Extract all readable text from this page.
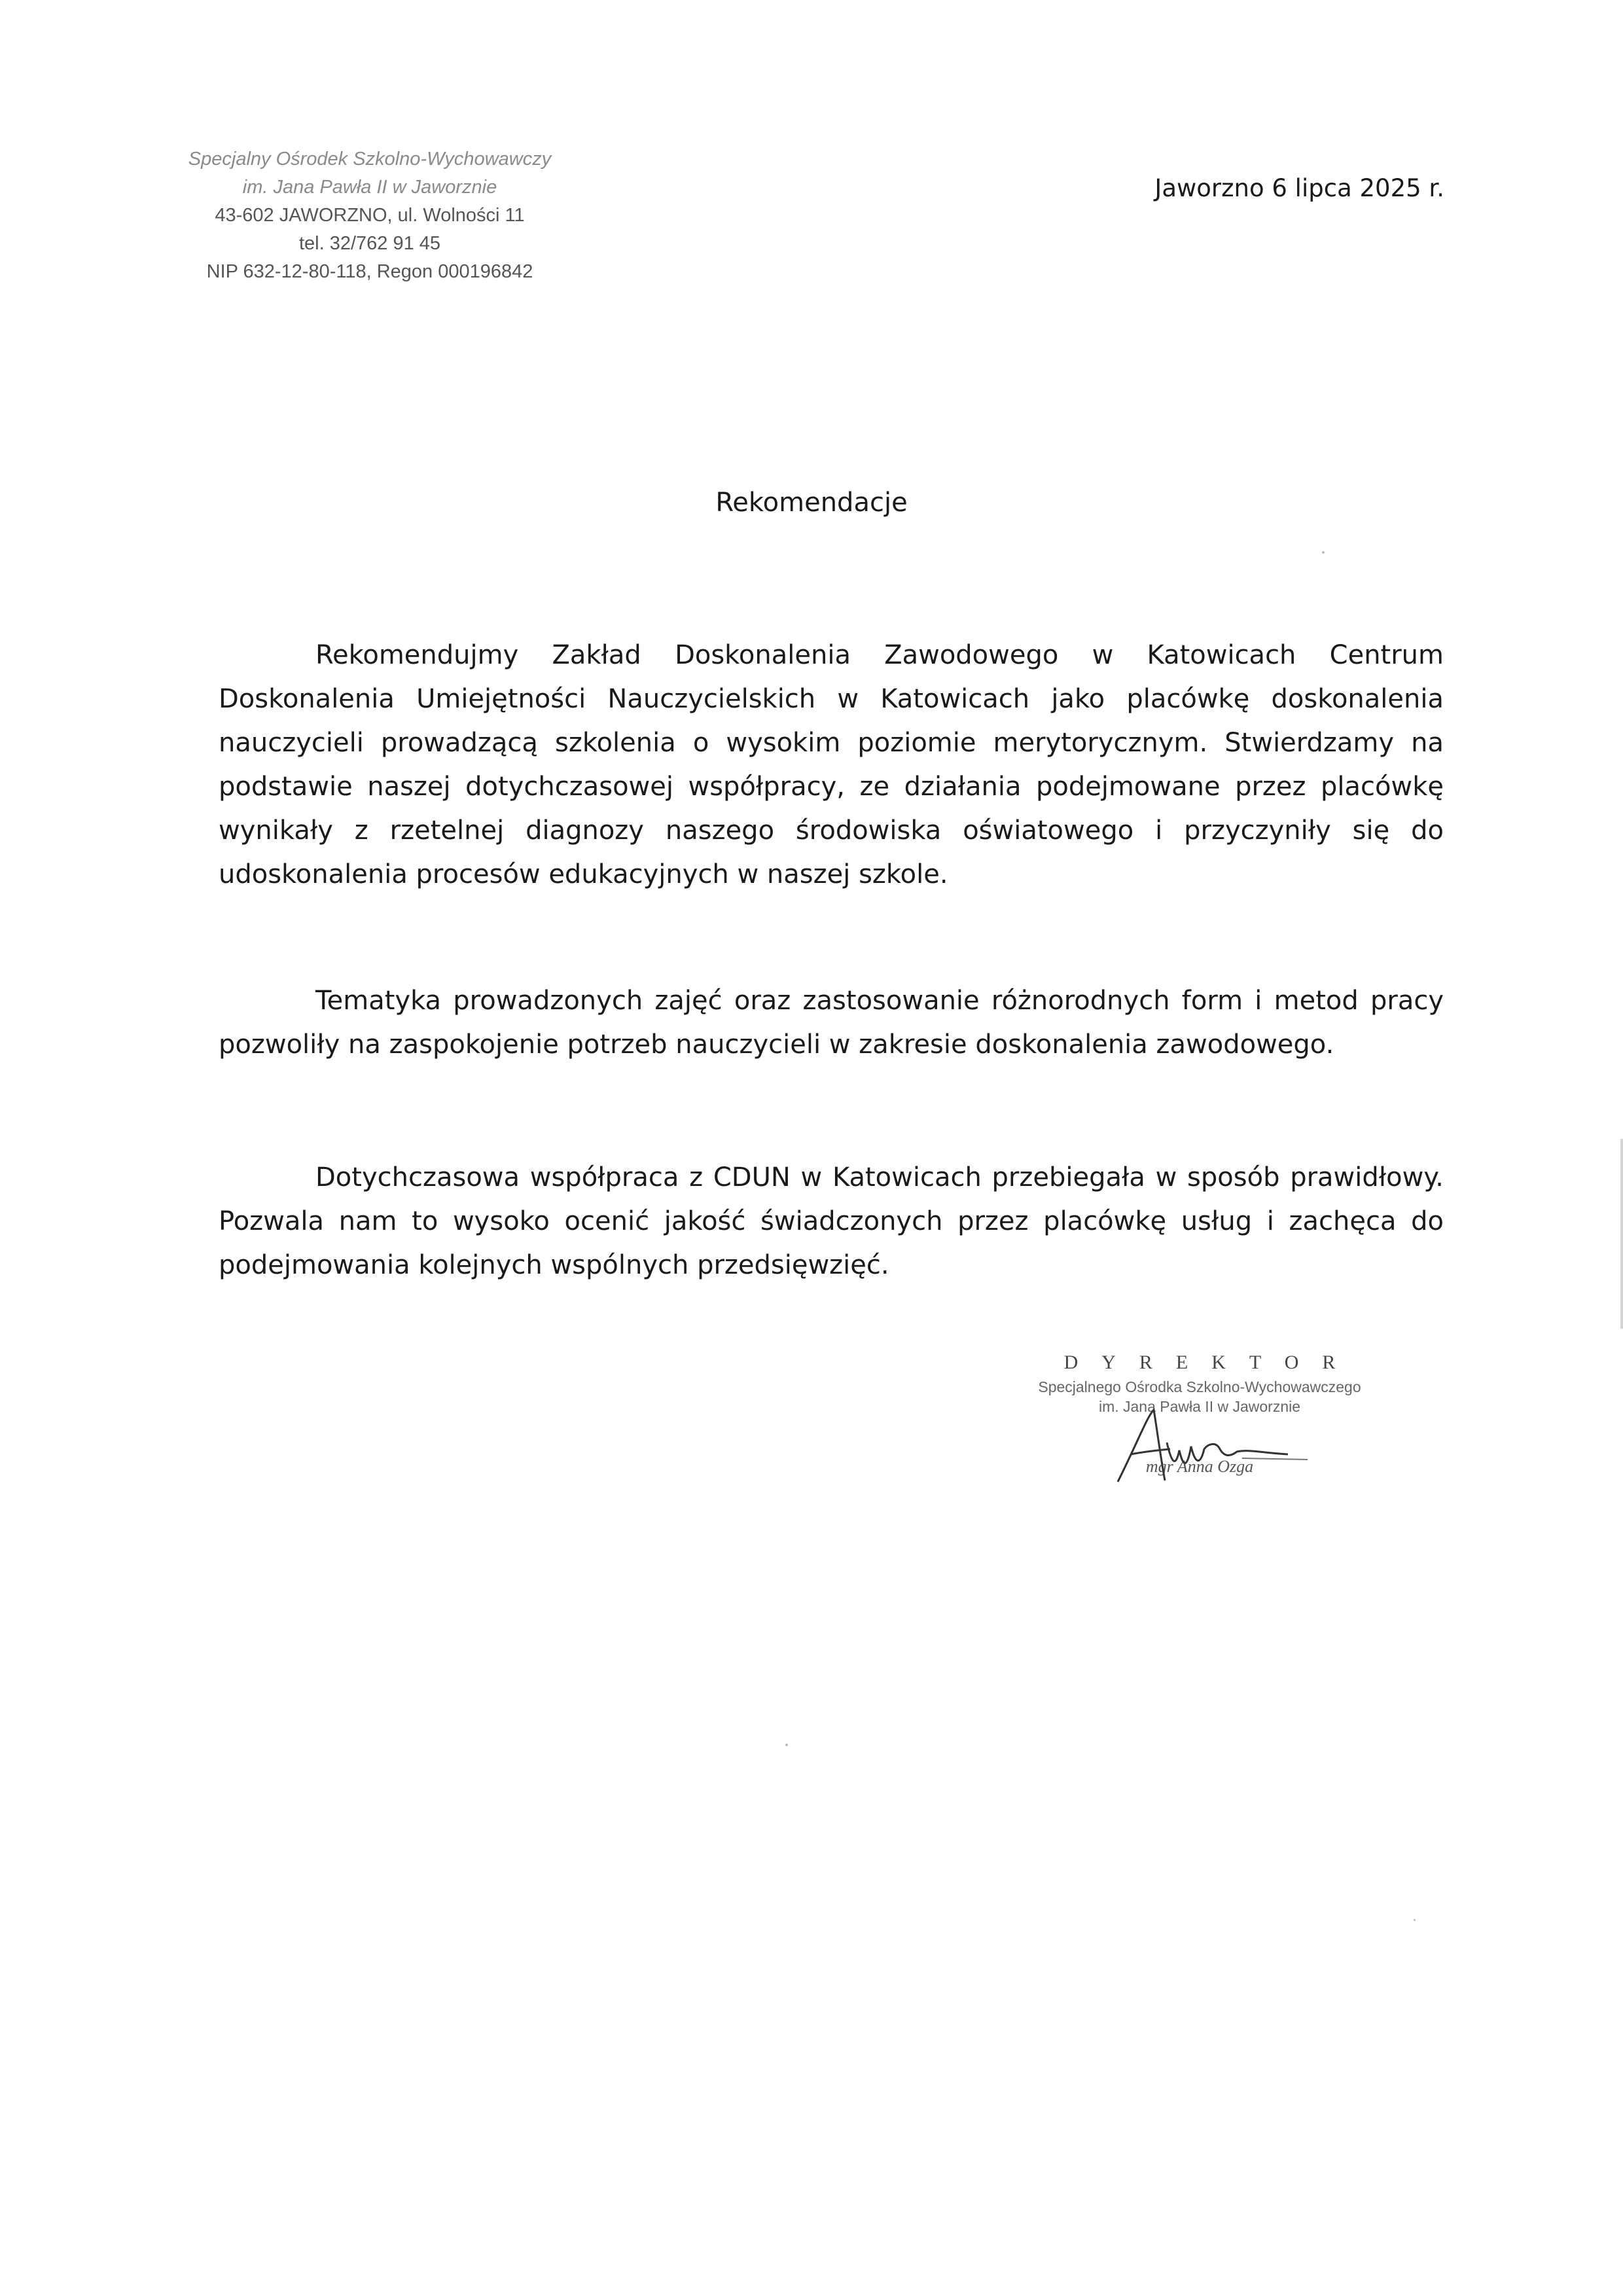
Specjalny Ośrodek Szkolno-Wychowawczy
im. Jana Pawła II w Jaworznie
43-602 JAWORZNO, ul. Wolności 11
tel. 32/762 91 45
NIP 632-12-80-118, Regon 000196842
Jaworzno 6 lipca 2025 r.
Rekomendacje

Rekomendujmy Zakład Doskonalenia Zawodowego w Katowicach Centrum Doskonalenia Umiejętności Nauczycielskich w Katowicach jako placówkę doskonalenia nauczycieli prowadzącą szkolenia o wysokim poziomie merytorycznym. Stwierdzamy na podstawie naszej dotychczasowej współpracy, ze działania podejmowane przez placówkę wynikały z rzetelnej diagnozy naszego środowiska oświatowego i przyczyniły się do udoskonalenia procesów edukacyjnych w naszej szkole.

Tematyka prowadzonych zajęć oraz zastosowanie różnorodnych form i metod pracy pozwoliły na zaspokojenie potrzeb nauczycieli w zakresie doskonalenia zawodowego.

Dotychczasowa współpraca z CDUN w Katowicach przebiegała w sposób prawidłowy. Pozwala nam to wysoko ocenić jakość świadczonych przez placówkę usług i zachęca do podejmowania kolejnych wspólnych przedsięwzięć.

DYREKTOR
Specjalnego Ośrodka Szkolno-Wychowawczego
im. Jana Pawła II w Jaworznie
mgr Anna Ozga
